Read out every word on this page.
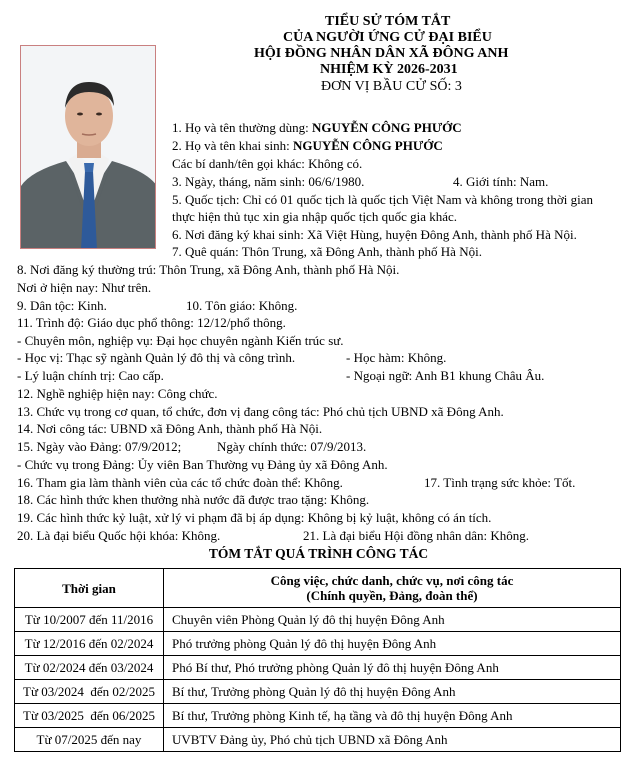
TIỂU SỬ TÓM TẮT
CỦA NGƯỜI ỨNG CỬ ĐẠI BIỂU
HỘI ĐỒNG NHÂN DÂN XÃ ĐÔNG ANH
NHIỆM KỲ 2026-2031
ĐƠN VỊ BẦU CỬ SỐ: 3
1. Họ và tên thường dùng: NGUYỄN CÔNG PHƯỚC
2. Họ và tên khai sinh: NGUYỄN CÔNG PHƯỚC
Các bí danh/tên gọi khác: Không có.
3. Ngày, tháng, năm sinh: 06/6/1980.	4. Giới tính: Nam.
5. Quốc tịch: Chỉ có 01 quốc tịch là quốc tịch Việt Nam và không trong thời gian
thực hiện thủ tục xin gia nhập quốc tịch quốc gia khác.
6. Nơi đăng ký khai sinh: Xã Việt Hùng, huyện Đông Anh, thành phố Hà Nội.
7. Quê quán: Thôn Trung, xã Đông Anh, thành phố Hà Nội.
8. Nơi đăng ký thường trú: Thôn Trung, xã Đông Anh, thành phố Hà Nội.
Nơi ở hiện nay: Như trên.
9. Dân tộc: Kinh.	10. Tôn giáo: Không.
11. Trình độ: Giáo dục phổ thông: 12/12/phổ thông.
- Chuyên môn, nghiệp vụ: Đại học chuyên ngành Kiến trúc sư.
- Học vị: Thạc sỹ ngành Quản lý đô thị và công trình.	- Học hàm: Không.
- Lý luận chính trị: Cao cấp.	- Ngoại ngữ: Anh B1 khung Châu Âu.
12. Nghề nghiệp hiện nay: Công chức.
13. Chức vụ trong cơ quan, tổ chức, đơn vị đang công tác: Phó chủ tịch UBND xã Đông Anh.
14. Nơi công tác: UBND xã Đông Anh, thành phố Hà Nội.
15. Ngày vào Đảng: 07/9/2012;	Ngày chính thức: 07/9/2013.
- Chức vụ trong Đảng: Ủy viên Ban Thường vụ Đảng ủy xã Đông Anh.
16. Tham gia làm thành viên của các tổ chức đoàn thể: Không.	17. Tình trạng sức khỏe: Tốt.
18. Các hình thức khen thưởng nhà nước đã được trao tặng: Không.
19. Các hình thức kỷ luật, xử lý vi phạm đã bị áp dụng: Không bị kỷ luật, không có án tích.
20. Là đại biểu Quốc hội khóa: Không.	21. Là đại biểu Hội đồng nhân dân: Không.
TÓM TẮT QUÁ TRÌNH CÔNG TÁC
Thời gian	Công việc, chức danh, chức vụ, nơi công tác
(Chính quyền, Đảng, đoàn thể)

Từ 10/2007 đến 11/2016	Chuyên viên Phòng Quản lý đô thị huyện Đông Anh
Từ 12/2016 đến 02/2024	Phó trưởng phòng Quản lý đô thị huyện Đông Anh
Từ 02/2024 đến 03/2024	Phó Bí thư, Phó trưởng phòng Quản lý đô thị huyện Đông Anh
Từ 03/2024  đến 02/2025	Bí thư, Trưởng phòng Quản lý đô thị huyện Đông Anh
Từ 03/2025  đến 06/2025	Bí thư, Trưởng phòng Kinh tế, hạ tầng và đô thị huyện Đông Anh
Từ 07/2025 đến nay	UVBTV Đảng ủy, Phó chủ tịch UBND xã Đông Anh
